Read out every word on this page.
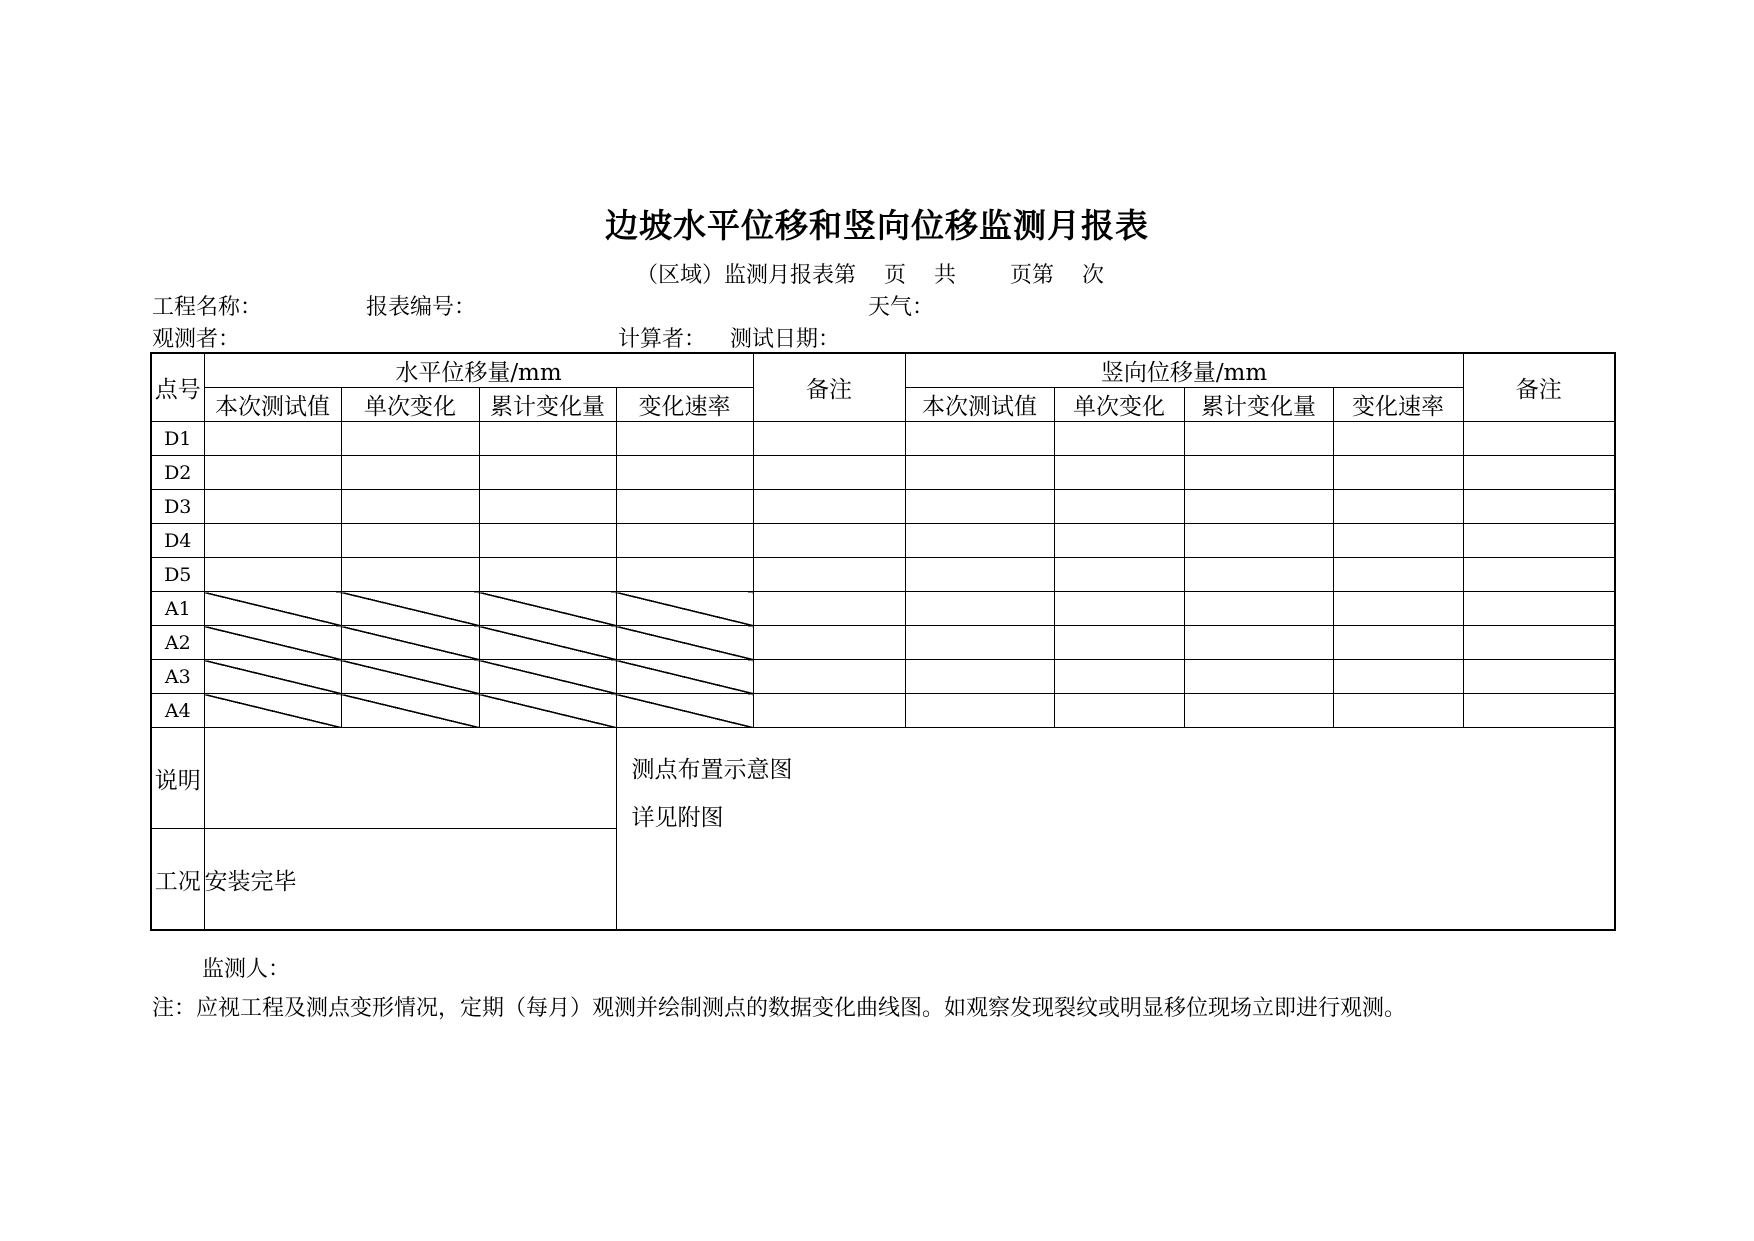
边坡水平位移和竖向位移监测月报表
（区域）监测月报表第 页 共 页第 次
工程名称：	报表编号：	天气：
观测者：	计算者： 测试日期：
点号	水平位移量/mm				备注	竖向位移量/mm				备注
	本次测试值	单次变化	累计变化量	变化速率		本次测试值	单次变化	累计变化量	变化速率	
D1										
D2										
D3										
D4										
D5										
A1										
A2										
A3										
A4										
说明				测点布置示意图
详见附图						

工况	安装完毕									
监测人：
注：应视工程及测点变形情况，定期（每月）观测并绘制测点的数据变化曲线图。如观察发现裂纹或明显移位现场立即进行观测。
